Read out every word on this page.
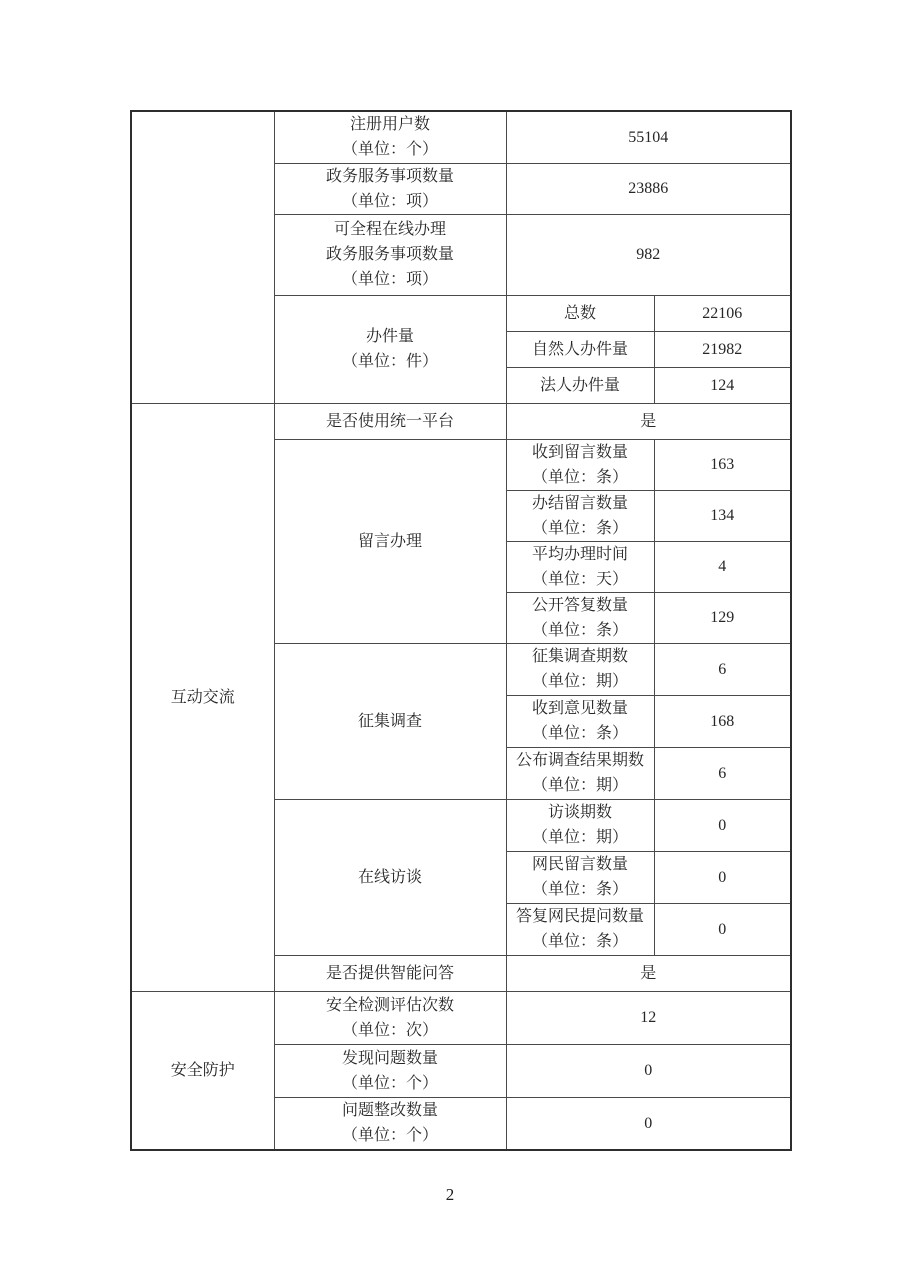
	注册用户数
（单位：个）	55104	

	政务服务事项数量
（单位：项）	23886	

	可全程在线办理
政务服务事项数量
（单位：项）	982	

	办件量
（单位：件）	总数	22106
		自然人办件量	21982
		法人办件量	124
互动交流	是否使用统一平台	是	
	留言办理	收到留言数量
（单位：条）	163

		办结留言数量
（单位：条）	134

		平均办理时间
（单位：天）	4

		公开答复数量
（单位：条）	129
	征集调查	征集调查期数
（单位：期）	6

		收到意见数量
（单位：条）	168

		公布调查结果期数
（单位：期）	6
	在线访谈	访谈期数
（单位：期）	0

		网民留言数量
（单位：条）	0

		答复网民提问数量
（单位：条）	0
	是否提供智能问答	是	
安全防护	安全检测评估次数
（单位：次）	12	

	发现问题数量
（单位：个）	0	

	问题整改数量
（单位：个）	0	
2
